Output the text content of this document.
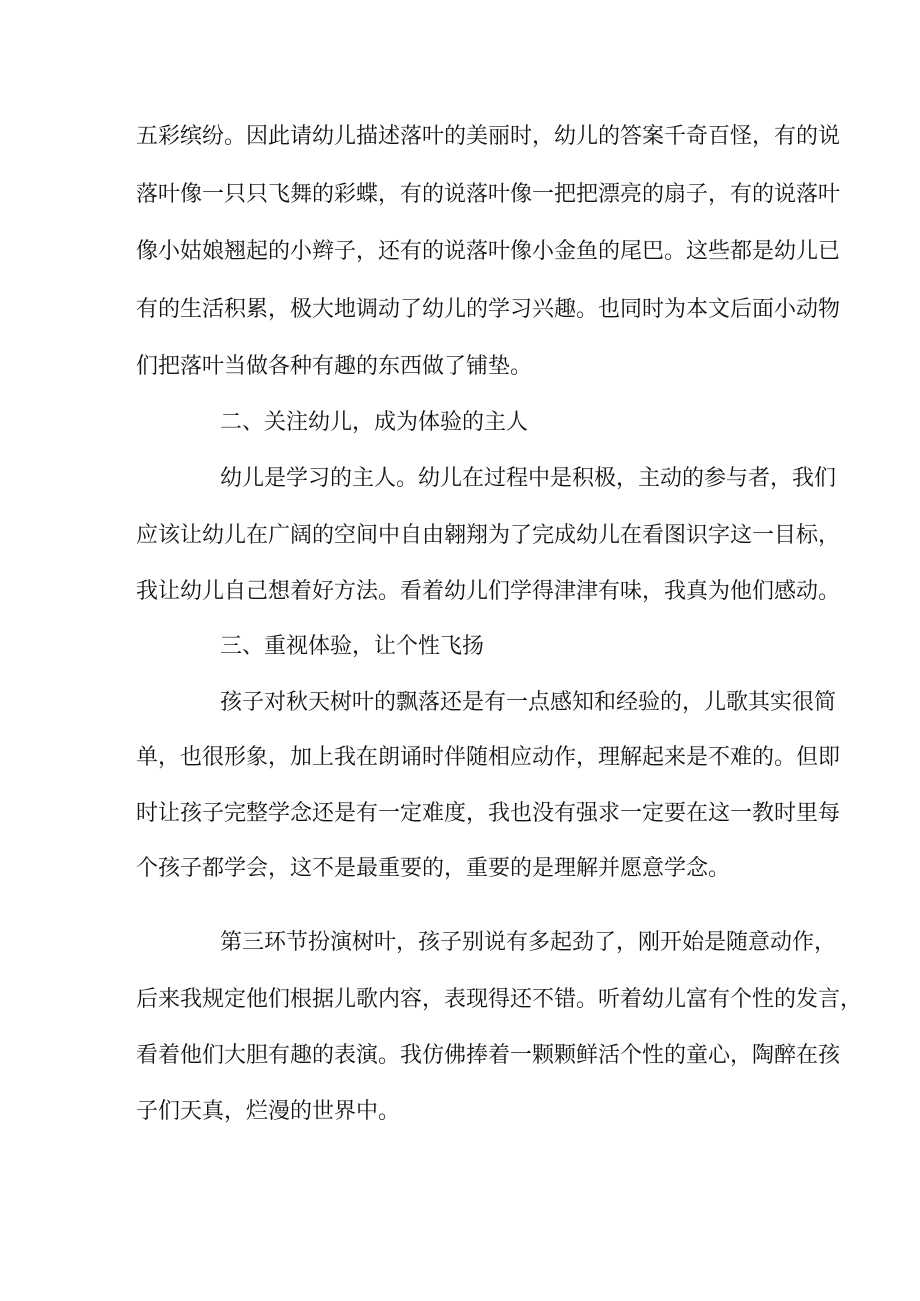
五彩缤纷。因此请幼儿描述落叶的美丽时，幼儿的答案千奇百怪，有的说

落叶像一只只飞舞的彩蝶，有的说落叶像一把把漂亮的扇子，有的说落叶

像小姑娘翘起的小辫子，还有的说落叶像小金鱼的尾巴。这些都是幼儿已

有的生活积累，极大地调动了幼儿的学习兴趣。也同时为本文后面小动物

们把落叶当做各种有趣的东西做了铺垫。

二、关注幼儿，成为体验的主人

幼儿是学习的主人。幼儿在过程中是积极，主动的参与者，我们

应该让幼儿在广阔的空间中自由翱翔为了完成幼儿在看图识字这一目标，

我让幼儿自己想着好方法。看着幼儿们学得津津有味，我真为他们感动。

三、重视体验，让个性飞扬

孩子对秋天树叶的飘落还是有一点感知和经验的，儿歌其实很简

单，也很形象，加上我在朗诵时伴随相应动作，理解起来是不难的。但即

时让孩子完整学念还是有一定难度，我也没有强求一定要在这一教时里每

个孩子都学会，这不是最重要的，重要的是理解并愿意学念。

第三环节扮演树叶，孩子别说有多起劲了，刚开始是随意动作，

后来我规定他们根据儿歌内容，表现得还不错。听着幼儿富有个性的发言，

看着他们大胆有趣的表演。我仿佛捧着一颗颗鲜活个性的童心，陶醉在孩

子们天真，烂漫的世界中。
